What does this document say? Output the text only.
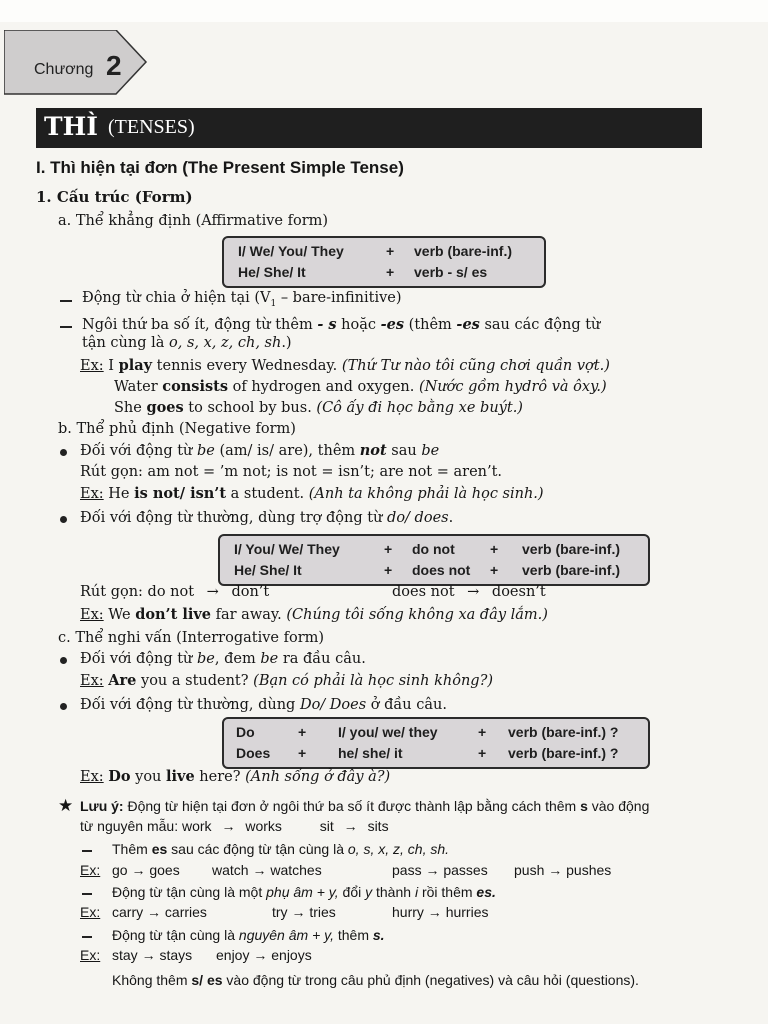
Chương 2
THÌ (TENSES)
I. Thì hiện tại đơn (The Present Simple Tense)
1. Cấu trúc (Form)
a. Thể khẳng định (Affirmative form)
I/ We/ You/ They	+ verb (bare-inf.)
He/ She/ It	+ verb - s/ es
Động từ chia ở hiện tại ($V_1$ – bare-infinitive)
Ngôi thứ ba số ít, động từ thêm - s hoặc -es (thêm -es sau các động từ
tận cùng là o, s, x, z, ch, sh.)
Ex: I play tennis every Wednesday. (Thứ Tư nào tôi cũng chơi quần vợt.)
Water consists of hydrogen and oxygen. (Nước gồm hydrô và ôxy.)
She goes to school by bus. (Cô ấy đi học bằng xe buýt.)
b. Thể phủ định (Negative form)
Đối với động từ be (am/ is/ are), thêm not sau be
Rút gọn: am not = ’m not; is not = isn’t; are not = aren’t.
Ex: He is not/ isn’t a student. (Anh ta không phải là học sinh.)
Đối với động từ thường, dùng trợ động từ do/ does.
I/ You/ We/ They	+ do not	+ verb (bare-inf.)
He/ She/ It	+ does not + verb (bare-inf.)
Rút gọn: do not → don’t	does not → doesn’t
Ex: We don’t live far away. (Chúng tôi sống không xa đây lắm.)
c. Thể nghi vấn (Interrogative form)
Đối với động từ be, đem be ra đầu câu.
Ex: Are you a student? (Bạn có phải là học sinh không?)
Đối với động từ thường, dùng Do/ Does ở đầu câu.
Do	+ I/ you/ we/ they	+ verb (bare-inf.) ?
Does + he/ she/ it	+ verb (bare-inf.) ?
Ex: Do you live here? (Anh sống ở đây à?)
★ Lưu ý: Động từ hiện tại đơn ở ngôi thứ ba số ít được thành lập bằng cách thêm s vào động
từ nguyên mẫu: work → works	sit → sits
Thêm es sau các động từ tận cùng là o, s, x, z, ch, sh.
Ex: go → goes watch → watches	pass → passes push → pushes
Động từ tận cùng là một phụ âm + y, đổi y thành i rồi thêm es.
Ex: carry → carries	try → tries	hurry → hurries
Động từ tận cùng là nguyên âm + y, thêm s.
Ex: stay → stays enjoy → enjoys
Không thêm s/ es vào động từ trong câu phủ định (negatives) và câu hỏi (questions).
